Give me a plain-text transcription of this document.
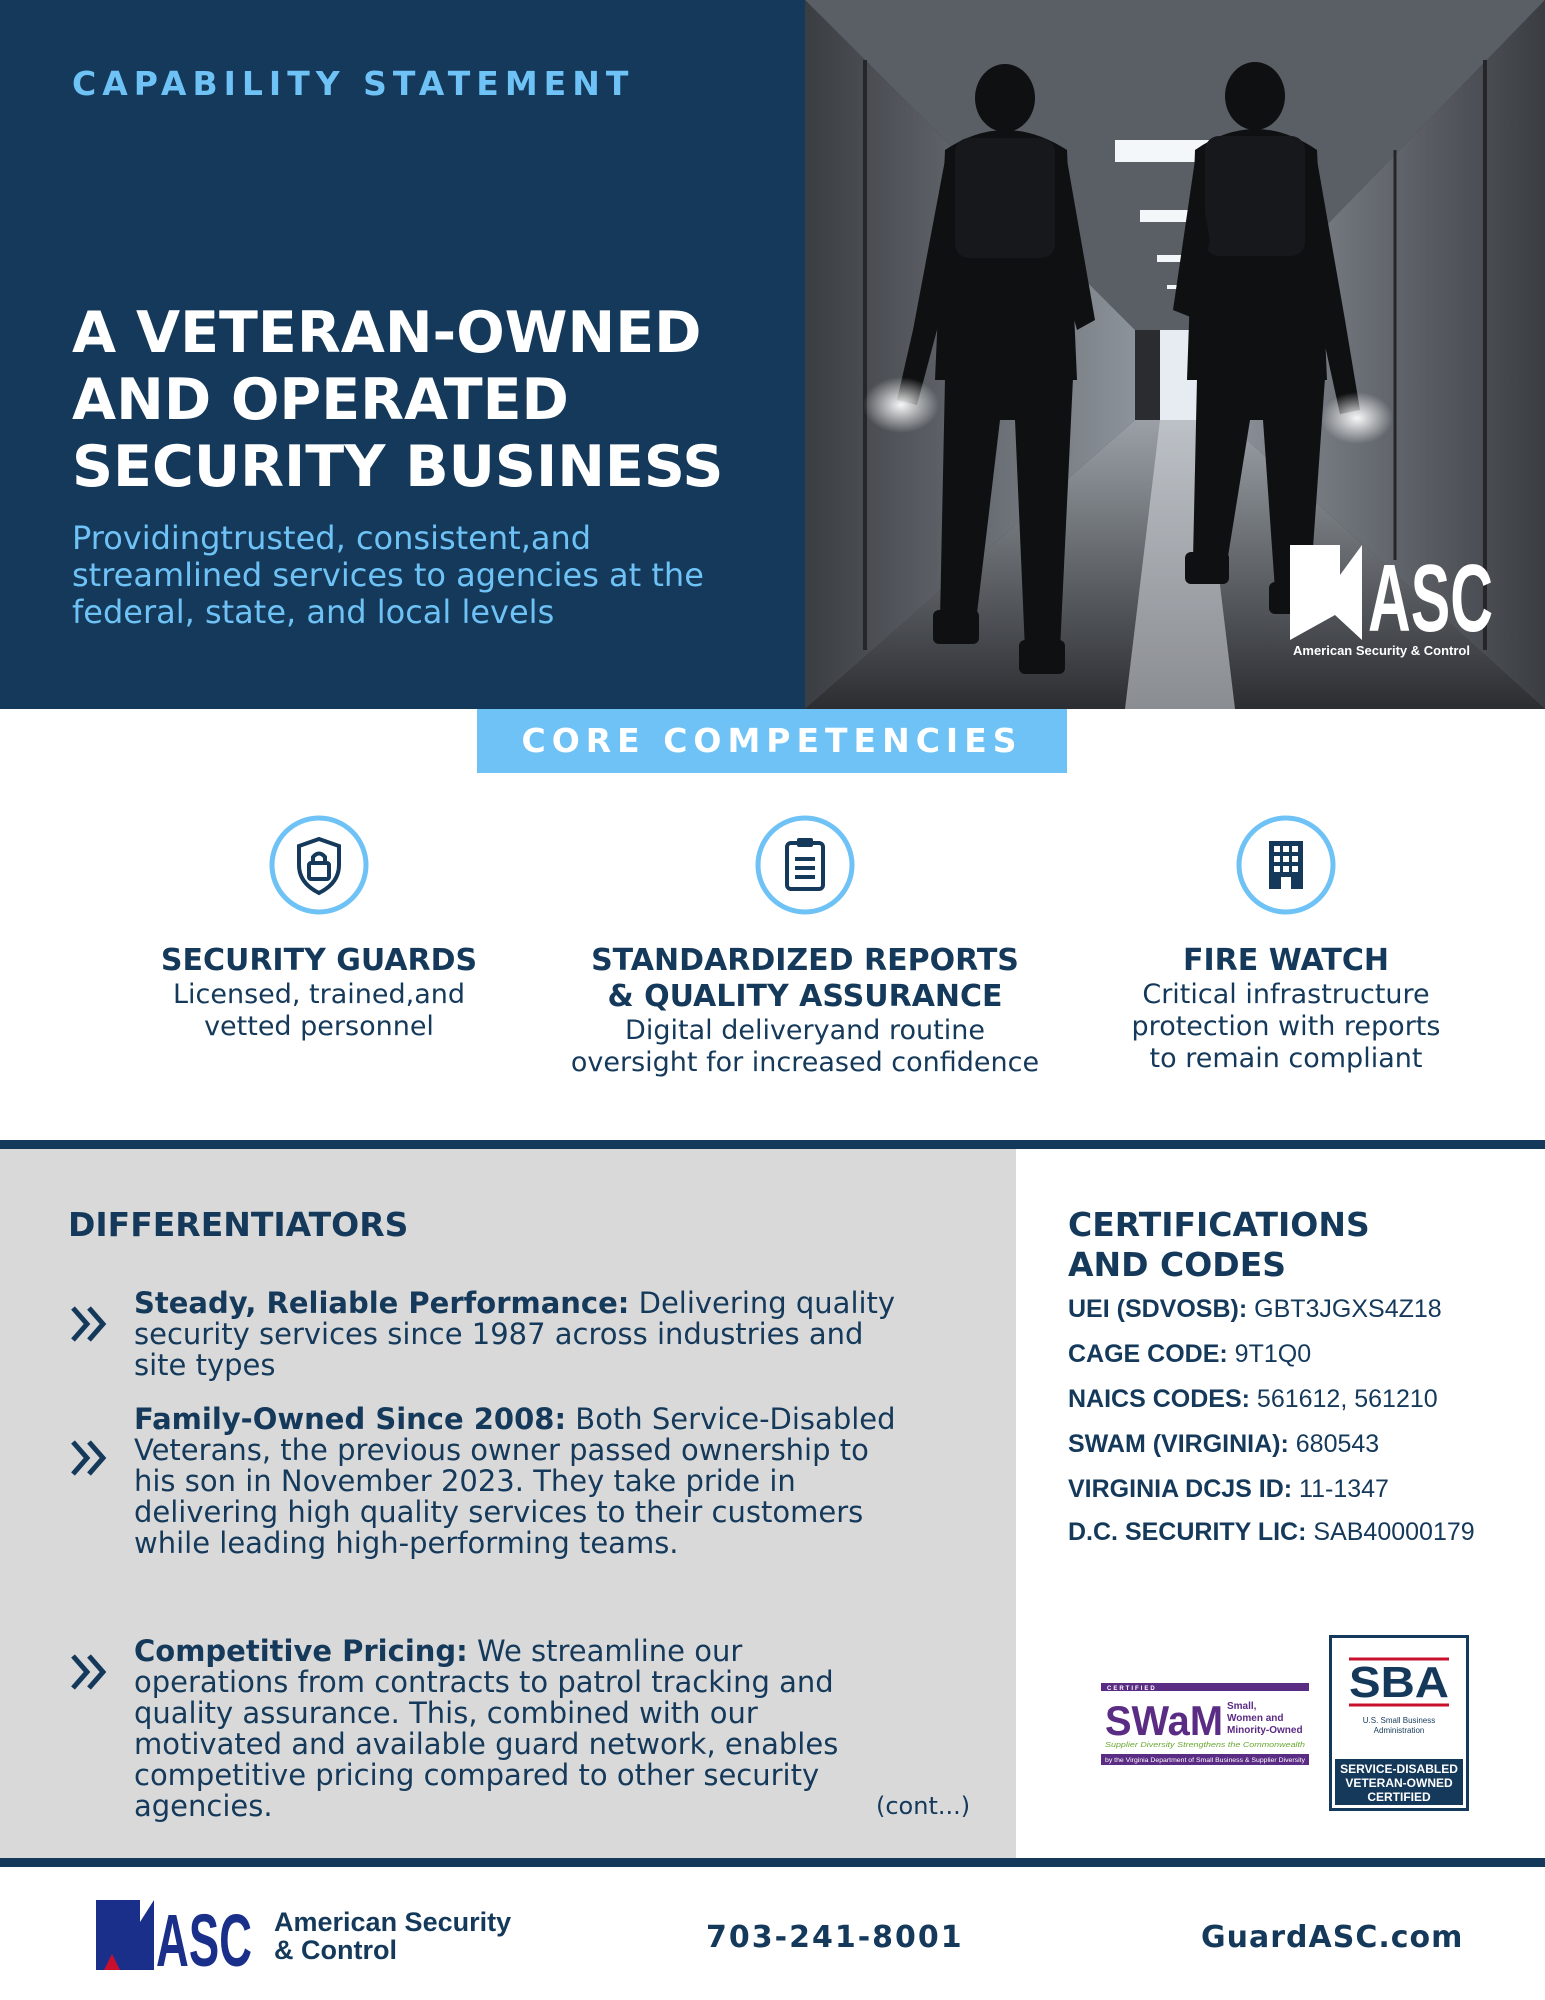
CAPABILITY STATEMENT
A VETERAN-OWNED
AND OPERATED
SECURITY BUSINESS

Providingtrusted, consistent,and streamlined services to agencies at the federal, state, and local levels	ASC
American Security & Control
CORE COMPETENCIES
SECURITY GUARDS
Licensed, trained,and
vetted personnel
STANDARDIZED REPORTS
& QUALITY ASSURANCE
Digital deliveryand routine
oversight for increased confidence
FIRE WATCH
Critical infrastructure
protection with reports
to remain compliant
DIFFERENTIATORS

Steady, Reliable Performance: Delivering quality security services since 1987 across industries and site types

Family-Owned Since 2008: Both Service-Disabled Veterans, the previous owner passed ownership to his son in November 2023. They take pride in delivering high quality services to their customers while leading high-performing teams.

Competitive Pricing: We streamline our operations from contracts to patrol tracking and quality assurance. This, combined with our motivated and available guard network, enables competitive pricing compared to other security agencies.	(cont...)
CERTIFICATIONS
AND CODES
UEI (SDVOSB): GBT3JGXS4Z18
CAGE CODE: 9T1Q0
NAICS CODES: 561612, 561210
SWAM (VIRGINIA): 680543
VIRGINIA DCJS ID: 11-1347
D.C. SECURITY LIC: SAB40000179
CERTIFIED
SWaM Small,
Women and
Minority-Owned
Supplier Diversity Strengthens the Commonwealth
by the Virginia Department of Small Business & Supplier Diversity
SBA
U.S. Small Business
Administration
SERVICE-DISABLED
VETERAN-OWNED
CERTIFIED
ASC American Security
& Control	703-241-8001	GuardASC.com
